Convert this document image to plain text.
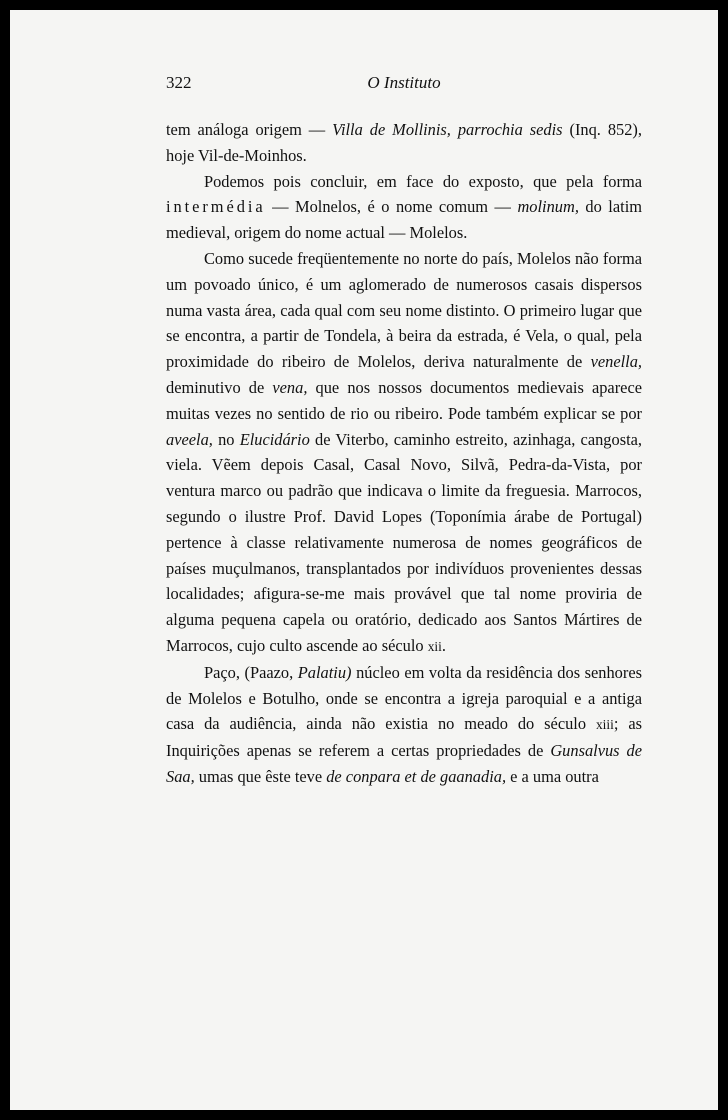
322	O Instituto

tem análoga origem — Villa de Mollinis, parrochia sedis (Inq. 852), hoje Vil-de-Moinhos.

Podemos pois concluir, em face do exposto, que pela forma intermédia — Molnelos, é o nome comum — molinum, do latim medieval, origem do nome actual — Molelos.

Como sucede freqüentemente no norte do país, Molelos não forma um povoado único, é um aglomerado de numerosos casais dispersos numa vasta área, cada qual com seu nome distinto. O primeiro lugar que se encontra, a partir de Tondela, à beira da estrada, é Vela, o qual, pela proximidade do ribeiro de Molelos, deriva naturalmente de venella, deminutivo de vena, que nos nossos documentos medievais aparece muitas vezes no sentido de rio ou ribeiro. Pode também explicar se por aveela, no Elucidário de Viterbo, caminho estreito, azinhaga, cangosta, viela. Vẽem depois Casal, Casal Novo, Silvã, Pedra-da-Vista, por ventura marco ou padrão que indicava o limite da freguesia. Marrocos, segundo o ilustre Prof. David Lopes (Toponímia árabe de Portugal) pertence à classe relativamente numerosa de nomes geográficos de países muçulmanos, transplantados por indivíduos provenientes dessas localidades; afigura-se-me mais provável que tal nome proviria de alguma pequena capela ou oratório, dedicado aos Santos Mártires de Marrocos, cujo culto ascende ao século xii.

Paço, (Paazo, Palatiu) núcleo em volta da residência dos senhores de Molelos e Botulho, onde se encontra a igreja paroquial e a antiga casa da audiência, ainda não existia no meado do século xiii; as Inquirições apenas se referem a certas propriedades de Gunsalvus de Saa, umas que êste teve de conpara et de gaanadia, e a uma outra
